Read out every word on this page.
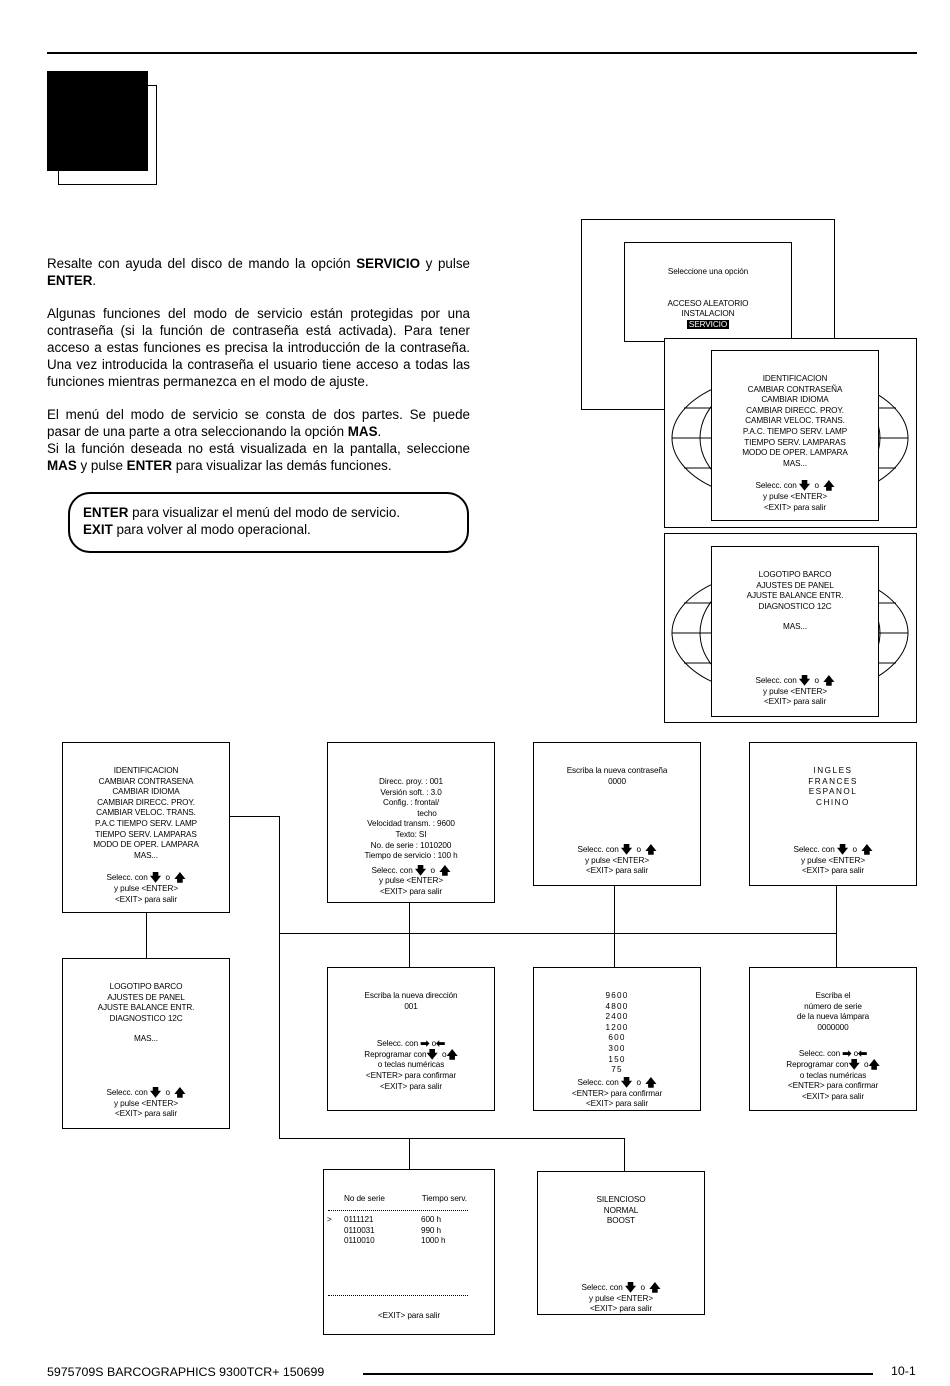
Resalte con ayuda del disco de mando la opción SERVICIO y pulse ENTER.

Algunas funciones del modo de servicio están protegidas por una contraseña (si la función de contraseña está activada). Para tener acceso a estas funciones es precisa la introducción de la contraseña. Una vez introducida la contraseña el usuario tiene acceso a todas las funciones mientras permanezca en el modo de ajuste.

El menú del modo de servicio se consta de dos partes. Se puede pasar de una parte a otra seleccionando la opción MAS.
Si la función deseada no está visualizada en la pantalla, seleccione MAS y pulse ENTER para visualizar las demás funciones.

ENTER para visualizar el menú del modo de servicio.
EXIT para volver al modo operacional.
Seleccione una opción
ACCESO ALEATORIO
INSTALACION
SERVICIO
IDENTIFICACION
CAMBIAR CONTRASEÑA
CAMBIAR IDIOMA
CAMBIAR DIRECC. PROY.
CAMBIAR VELOC. TRANS.
P.A.C. TIEMPO SERV. LAMP
TIEMPO SERV. LAMPARAS
MODO DE OPER. LAMPARA
MAS...
Selecc. con 🡇 o 🡅
y pulse <ENTER>
<EXIT> para salir
LOGOTIPO BARCO
AJUSTES DE PANEL
AJUSTE BALANCE ENTR.
DIAGNOSTICO 12C
MAS...
Selecc. con 🡇 o 🡅
y pulse <ENTER>
<EXIT> para salir
IDENTIFICACION
CAMBIAR CONTRASENA
CAMBIAR IDIOMA
CAMBIAR DIRECC. PROY.
CAMBIAR VELOC. TRANS.
P.A.C TIEMPO SERV. LAMP
TIEMPO SERV. LAMPARAS
MODO DE OPER. LAMPARA
MAS...
Selecc. con 🡇 o 🡅
y pulse <ENTER>
<EXIT> para salir
LOGOTIPO BARCO
AJUSTES DE PANEL
AJUSTE BALANCE ENTR.
DIAGNOSTICO 12C
MAS...
Selecc. con 🡇 o 🡅
y pulse <ENTER>
<EXIT> para salir
Direcc. proy. : 001
Versión soft. : 3.0
Config. : frontal/
techo
Velocidad transm. : 9600
Texto: SI
No. de serie : 1010200
Tiempo de servicio : 100 h
Selecc. con 🡇 o 🡅
y pulse <ENTER>
<EXIT> para salir
Escriba la nueva contraseña
0000
Selecc. con 🡇 o 🡅
y pulse <ENTER>
<EXIT> para salir
INGLES
FRANCES
ESPANOL
CHINO
Selecc. con 🡇 o 🡅
y pulse <ENTER>
<EXIT> para salir
Escriba la nueva dirección
001
Selecc. con ➡ o⬅
Reprogramar con🡇 o🡅
o teclas numéricas
<ENTER> para confirmar
<EXIT> para salir
9600
4800
2400
1200
600
300
150
75
Selecc. con 🡇 o 🡅
<ENTER> para confirmar
<EXIT> para salir
Escriba el
número de serie
de la nueva lámpara
0000000
Selecc. con ➡ o⬅
Reprogramar con🡇 o🡅
o teclas numéricas
<ENTER> para confirmar
<EXIT> para salir
No de serie	Tiempo serv.
> 0111121	600 h
0110031	990 h
0110010	1000 h
<EXIT> para salir
SILENCIOSO
NORMAL
BOOST
Selecc. con 🡇 o 🡅
y pulse <ENTER>
<EXIT> para salir
5975709S BARCOGRAPHICS 9300TCR+ 150699	10-1
